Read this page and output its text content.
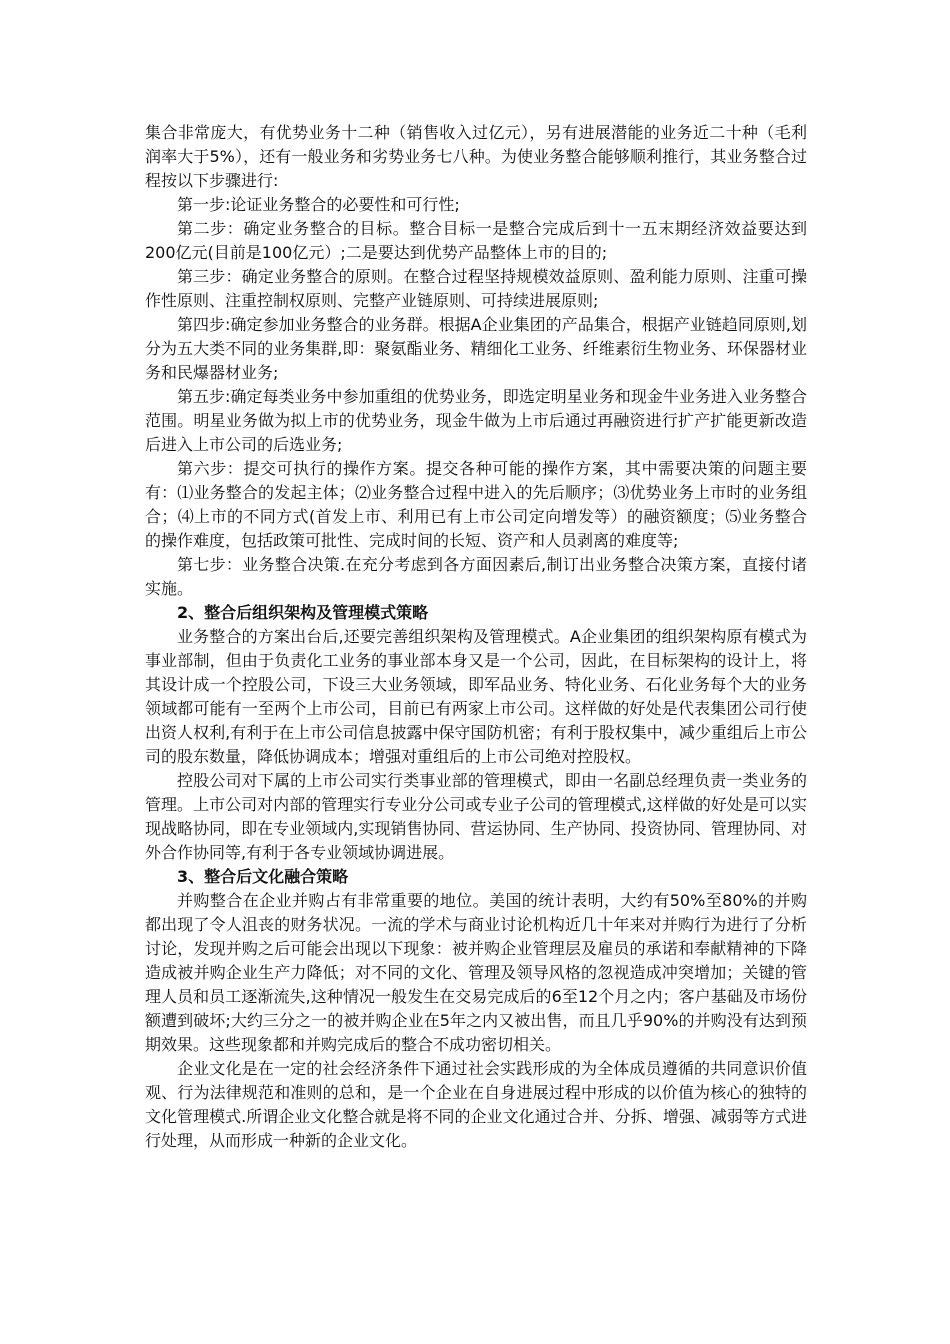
集合非常庞大，有优势业务十二种（销售收入过亿元），另有进展潜能的业务近二十种（毛利润率大于5%），还有一般业务和劣势业务七八种。为使业务整合能够顺利推行，其业务整合过程按以下步骤进行:

第一步:论证业务整合的必要性和可行性;

第二步：确定业务整合的目标。整合目标一是整合完成后到十一五末期经济效益要达到200亿元(目前是100亿元）;二是要达到优势产品整体上市的目的;

第三步：确定业务整合的原则。在整合过程坚持规模效益原则、盈利能力原则、注重可操作性原则、注重控制权原则、完整产业链原则、可持续进展原则;

第四步:确定参加业务整合的业务群。根据A企业集团的产品集合，根据产业链趋同原则,划分为五大类不同的业务集群,即：聚氨酯业务、精细化工业务、纤维素衍生物业务、环保器材业务和民爆器材业务;

第五步:确定每类业务中参加重组的优势业务，即选定明星业务和现金牛业务进入业务整合范围。明星业务做为拟上市的优势业务，现金牛做为上市后通过再融资进行扩产扩能更新改造后进入上市公司的后选业务;

第六步：提交可执行的操作方案。提交各种可能的操作方案，其中需要决策的问题主要有：⑴业务整合的发起主体；⑵业务整合过程中进入的先后顺序；⑶优势业务上市时的业务组合；⑷上市的不同方式(首发上市、利用已有上市公司定向增发等）的融资额度；⑸业务整合的操作难度，包括政策可批性、完成时间的长短、资产和人员剥离的难度等;

第七步：业务整合决策.在充分考虑到各方面因素后,制订出业务整合决策方案，直接付诸实施。

2、整合后组织架构及管理模式策略

业务整合的方案出台后,还要完善组织架构及管理模式。A企业集团的组织架构原有模式为事业部制，但由于负责化工业务的事业部本身又是一个公司，因此，在目标架构的设计上，将其设计成一个控股公司，下设三大业务领域，即军品业务、特化业务、石化业务每个大的业务领域都可能有一至两个上市公司，目前已有两家上市公司。这样做的好处是代表集团公司行使出资人权利,有利于在上市公司信息披露中保守国防机密；有利于股权集中，减少重组后上市公司的股东数量，降低协调成本；增强对重组后的上市公司绝对控股权。

控股公司对下属的上市公司实行类事业部的管理模式，即由一名副总经理负责一类业务的管理。上市公司对内部的管理实行专业分公司或专业子公司的管理模式,这样做的好处是可以实现战略协同，即在专业领域内,实现销售协同、营运协同、生产协同、投资协同、管理协同、对外合作协同等,有利于各专业领域协调进展。

3、整合后文化融合策略

并购整合在企业并购占有非常重要的地位。美国的统计表明，大约有50%至80%的并购都出现了令人沮丧的财务状况。一流的学术与商业讨论机构近几十年来对并购行为进行了分析讨论，发现并购之后可能会出现以下现象：被并购企业管理层及雇员的承诺和奉献精神的下降造成被并购企业生产力降低；对不同的文化、管理及领导风格的忽视造成冲突增加；关键的管理人员和员工逐渐流失,这种情况一般发生在交易完成后的6至12个月之内；客户基础及市场份额遭到破坏;大约三分之一的被并购企业在5年之内又被出售，而且几乎90%的并购没有达到预期效果。这些现象都和并购完成后的整合不成功密切相关。

企业文化是在一定的社会经济条件下通过社会实践形成的为全体成员遵循的共同意识价值观、行为法律规范和准则的总和，是一个企业在自身进展过程中形成的以价值为核心的独特的文化管理模式.所谓企业文化整合就是将不同的企业文化通过合并、分拆、增强、减弱等方式进行处理，从而形成一种新的企业文化。
